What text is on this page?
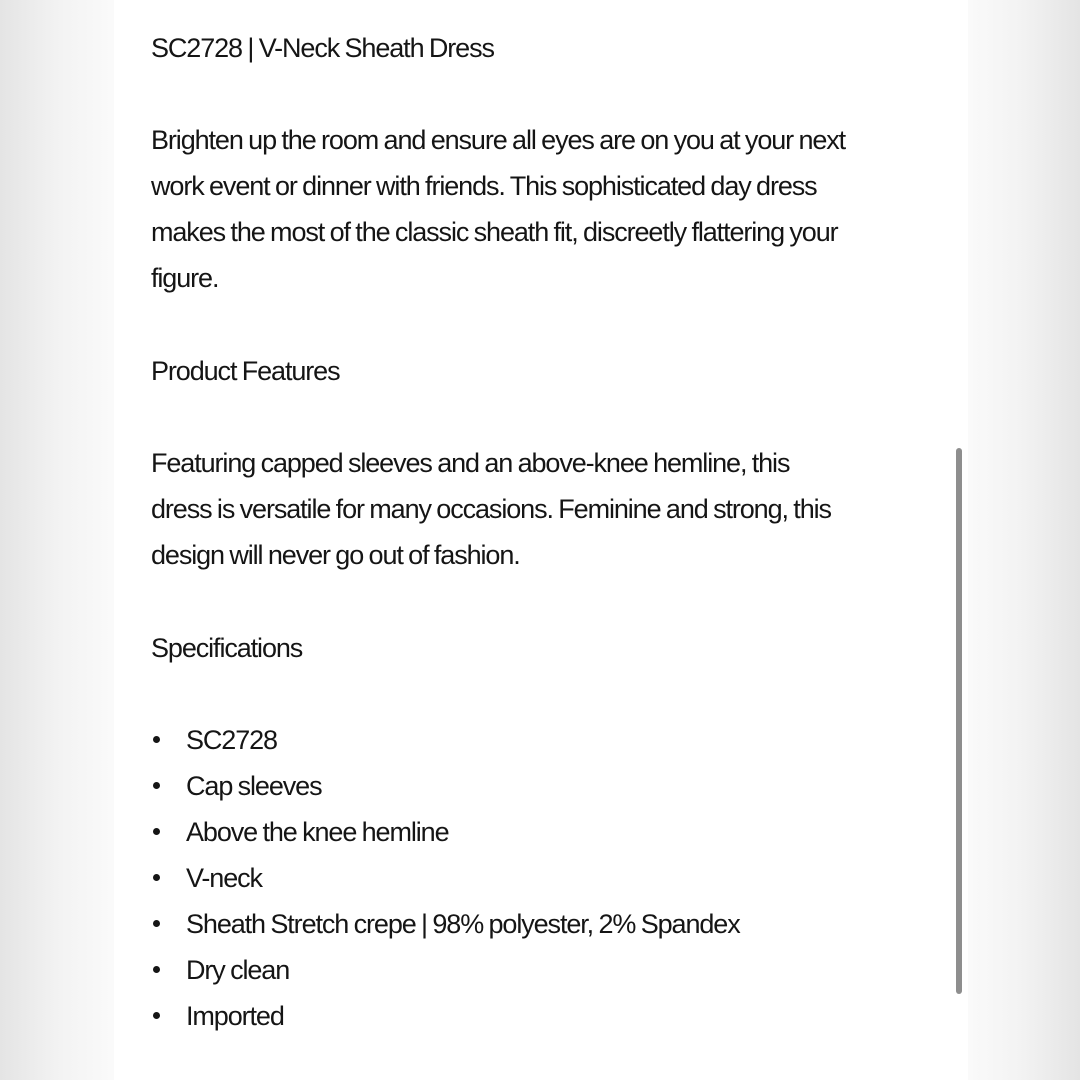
SC2728 | V-Neck Sheath Dress
Brighten up the room and ensure all eyes are on you at your next
work event or dinner with friends. This sophisticated day dress
makes the most of the classic sheath fit, discreetly flattering your
figure.
Product Features
Featuring capped sleeves and an above-knee hemline, this
dress is versatile for many occasions. Feminine and strong, this
design will never go out of fashion.
Specifications
SC2728
Cap sleeves
Above the knee hemline
V-neck
Sheath Stretch crepe | 98% polyester, 2% Spandex
Dry clean
Imported
